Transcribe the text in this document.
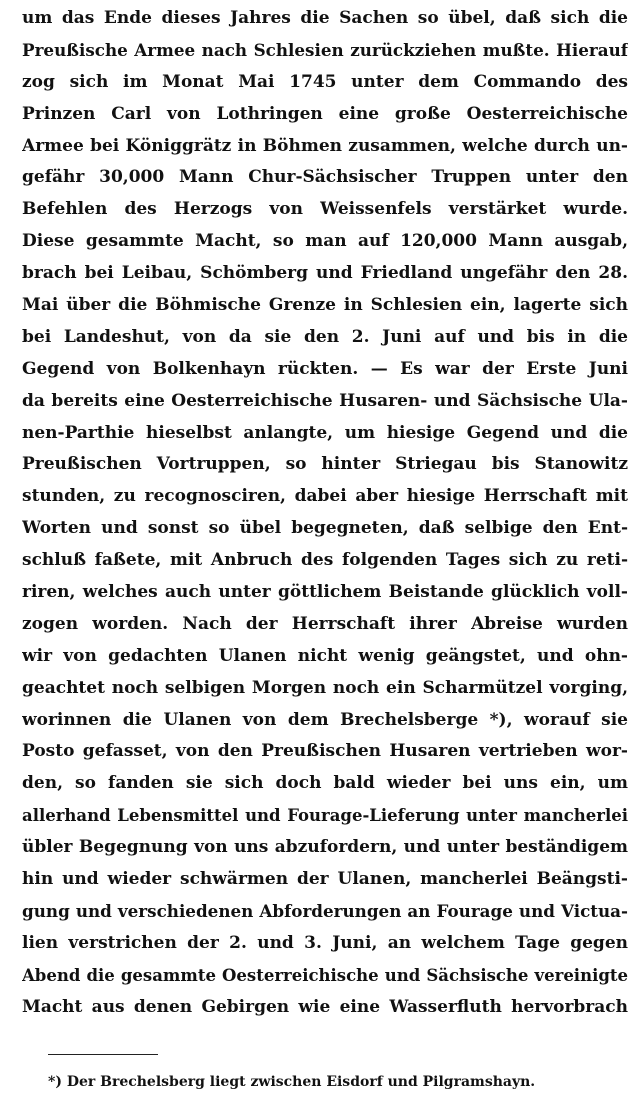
um das Ende dieses Jahres die Sachen so übel, daß sich die
Preußische Armee nach Schlesien zurückziehen mußte. Hierauf
zog sich im Monat Mai 1745 unter dem Commando des
Prinzen Carl von Lothringen eine große Oesterreichische
Armee bei Königgrätz in Böhmen zusammen, welche durch un-
gefähr 30,000 Mann Chur-Sächsischer Truppen unter den
Befehlen des Herzogs von Weissenfels verstärket wurde.
Diese gesammte Macht, so man auf 120,000 Mann ausgab,
brach bei Leibau, Schömberg und Friedland ungefähr den 28.
Mai über die Böhmische Grenze in Schlesien ein, lagerte sich
bei Landeshut, von da sie den 2. Juni auf und bis in die
Gegend von Bolkenhayn rückten. — Es war der Erste Juni
da bereits eine Oesterreichische Husaren- und Sächsische Ula-
nen-Parthie hieselbst anlangte, um hiesige Gegend und die
Preußischen Vortruppen, so hinter Striegau bis Stanowitz
stunden, zu recognosciren, dabei aber hiesige Herrschaft mit
Worten und sonst so übel begegneten, daß selbige den Ent-
schluß faßete, mit Anbruch des folgenden Tages sich zu reti-
riren, welches auch unter göttlichem Beistande glücklich voll-
zogen worden. Nach der Herrschaft ihrer Abreise wurden
wir von gedachten Ulanen nicht wenig geängstet, und ohn-
geachtet noch selbigen Morgen noch ein Scharmützel vorging,
worinnen die Ulanen von dem Brechelsberge *), worauf sie
Posto gefasset, von den Preußischen Husaren vertrieben wor-
den, so fanden sie sich doch bald wieder bei uns ein, um
allerhand Lebensmittel und Fourage-Lieferung unter mancherlei
übler Begegnung von uns abzufordern, und unter beständigem
hin und wieder schwärmen der Ulanen, mancherlei Beängsti-
gung und verschiedenen Abforderungen an Fourage und Victua-
lien verstrichen der 2. und 3. Juni, an welchem Tage gegen
Abend die gesammte Oesterreichische und Sächsische vereinigte
Macht aus denen Gebirgen wie eine Wasserfluth hervorbrach
*) Der Brechelsberg liegt zwischen Eisdorf und Pilgramshayn.
